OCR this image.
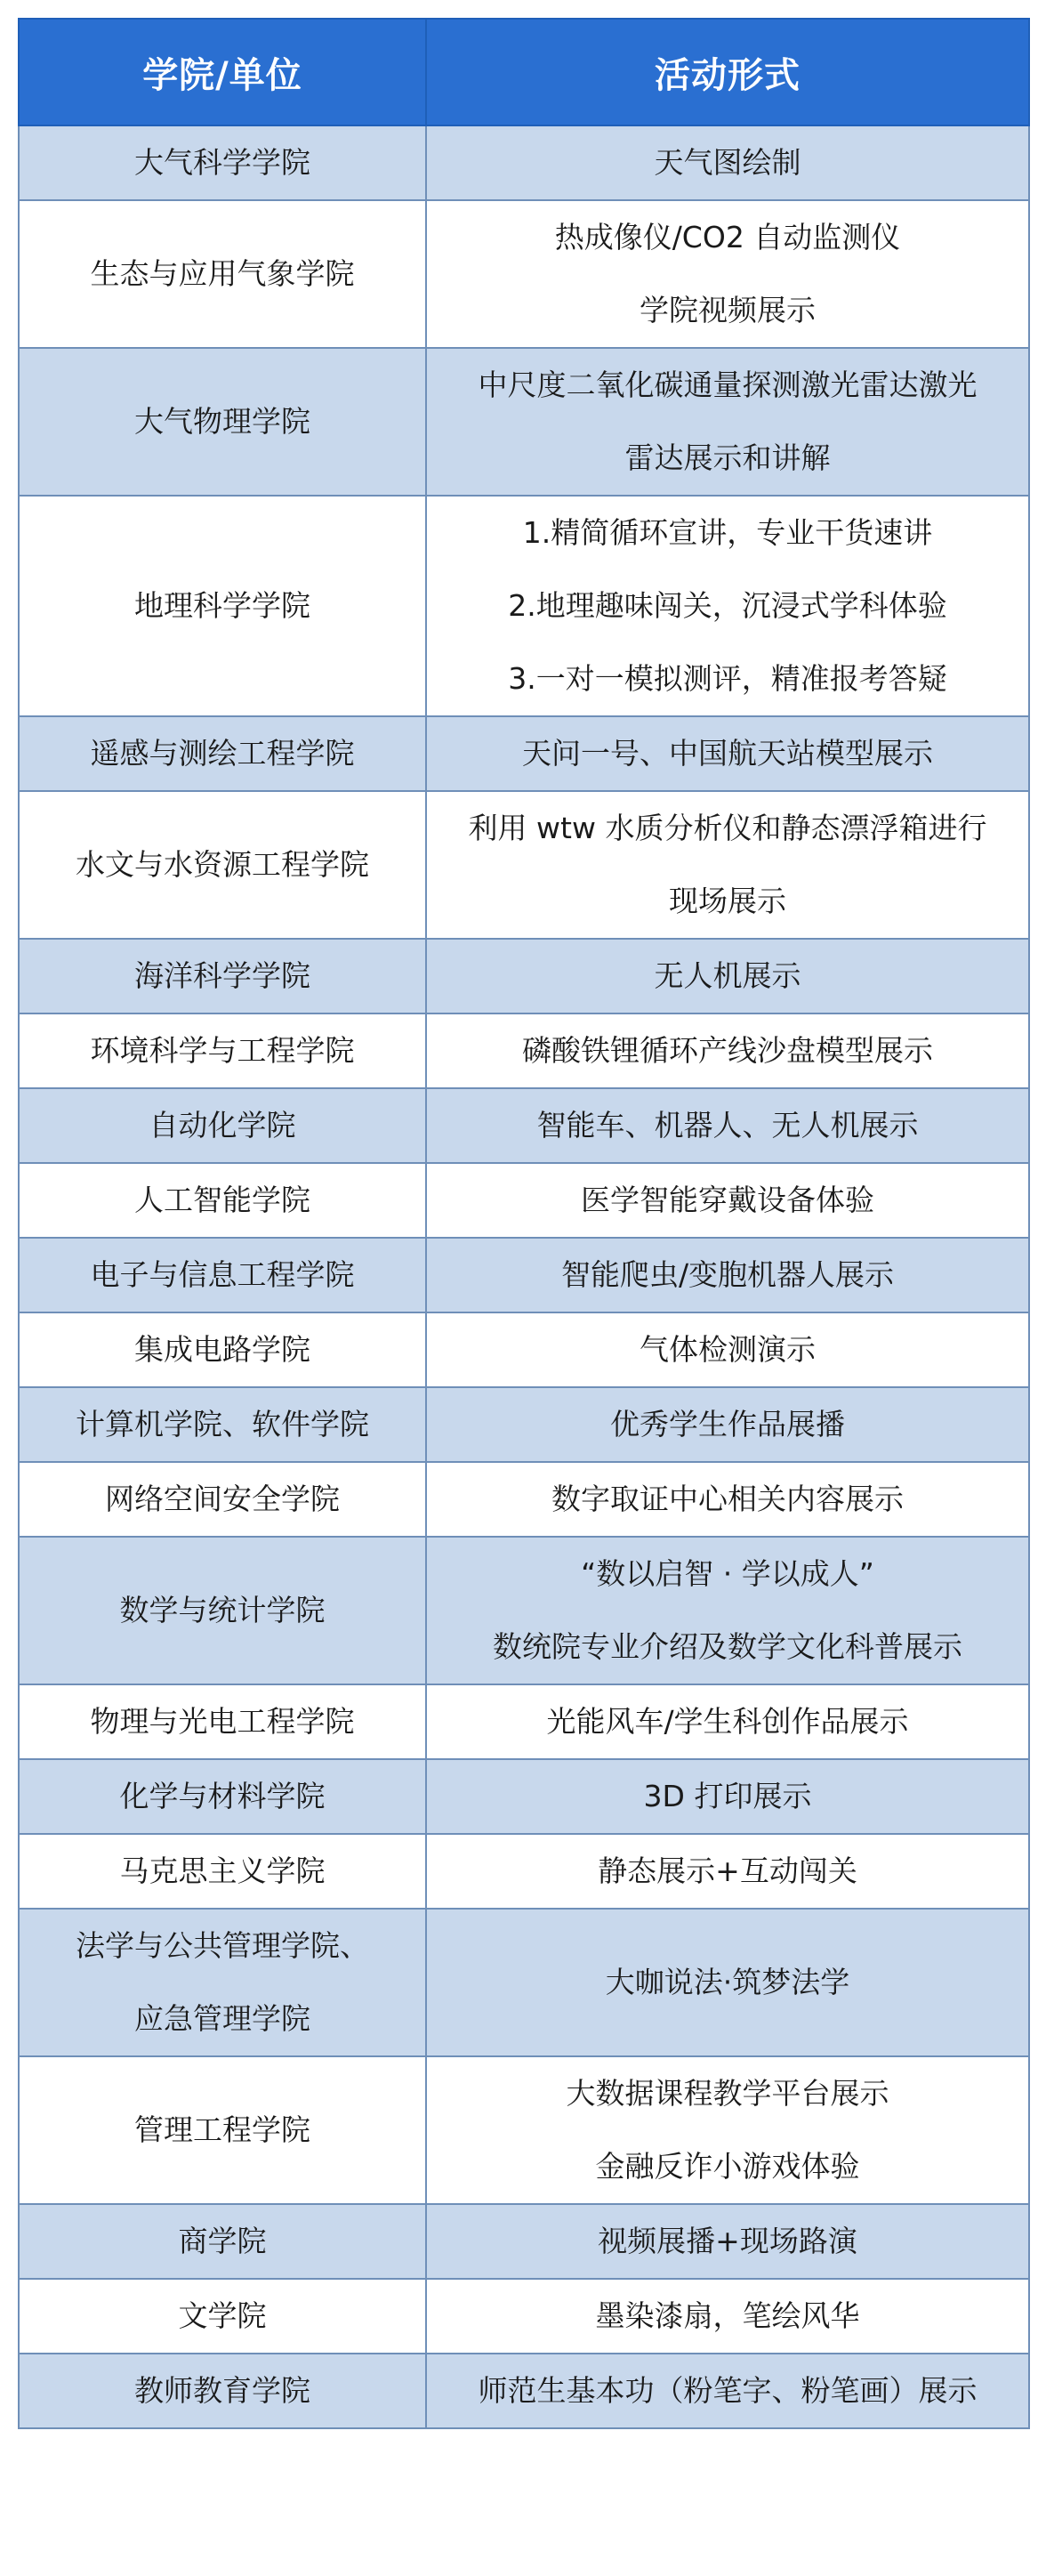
学院/单位	活动形式

大气科学学院	天气图绘制

生态与应用气象学院	热成像仪/CO2 自动监测仪
学院视频展示

大气物理学院	中尺度二氧化碳通量探测激光雷达激光
雷达展示和讲解

地理科学学院	1.精简循环宣讲，专业干货速讲
2.地理趣味闯关，沉浸式学科体验
3.一对一模拟测评，精准报考答疑

遥感与测绘工程学院	天问一号、中国航天站模型展示

水文与水资源工程学院	利用 wtw 水质分析仪和静态漂浮箱进行
现场展示

海洋科学学院	无人机展示

环境科学与工程学院	磷酸铁锂循环产线沙盘模型展示

自动化学院	智能车、机器人、无人机展示

人工智能学院	医学智能穿戴设备体验

电子与信息工程学院	智能爬虫/变胞机器人展示

集成电路学院	气体检测演示

计算机学院、软件学院	优秀学生作品展播

网络空间安全学院	数字取证中心相关内容展示

数学与统计学院	“数以启智 · 学以成人”
数统院专业介绍及数学文化科普展示

物理与光电工程学院	光能风车/学生科创作品展示

化学与材料学院	3D 打印展示

马克思主义学院	静态展示+互动闯关

法学与公共管理学院、
应急管理学院	大咖说法·筑梦法学

管理工程学院	大数据课程教学平台展示
金融反诈小游戏体验

商学院	视频展播+现场路演

文学院	墨染漆扇，笔绘风华

教师教育学院	师范生基本功（粉笔字、粉笔画）展示
